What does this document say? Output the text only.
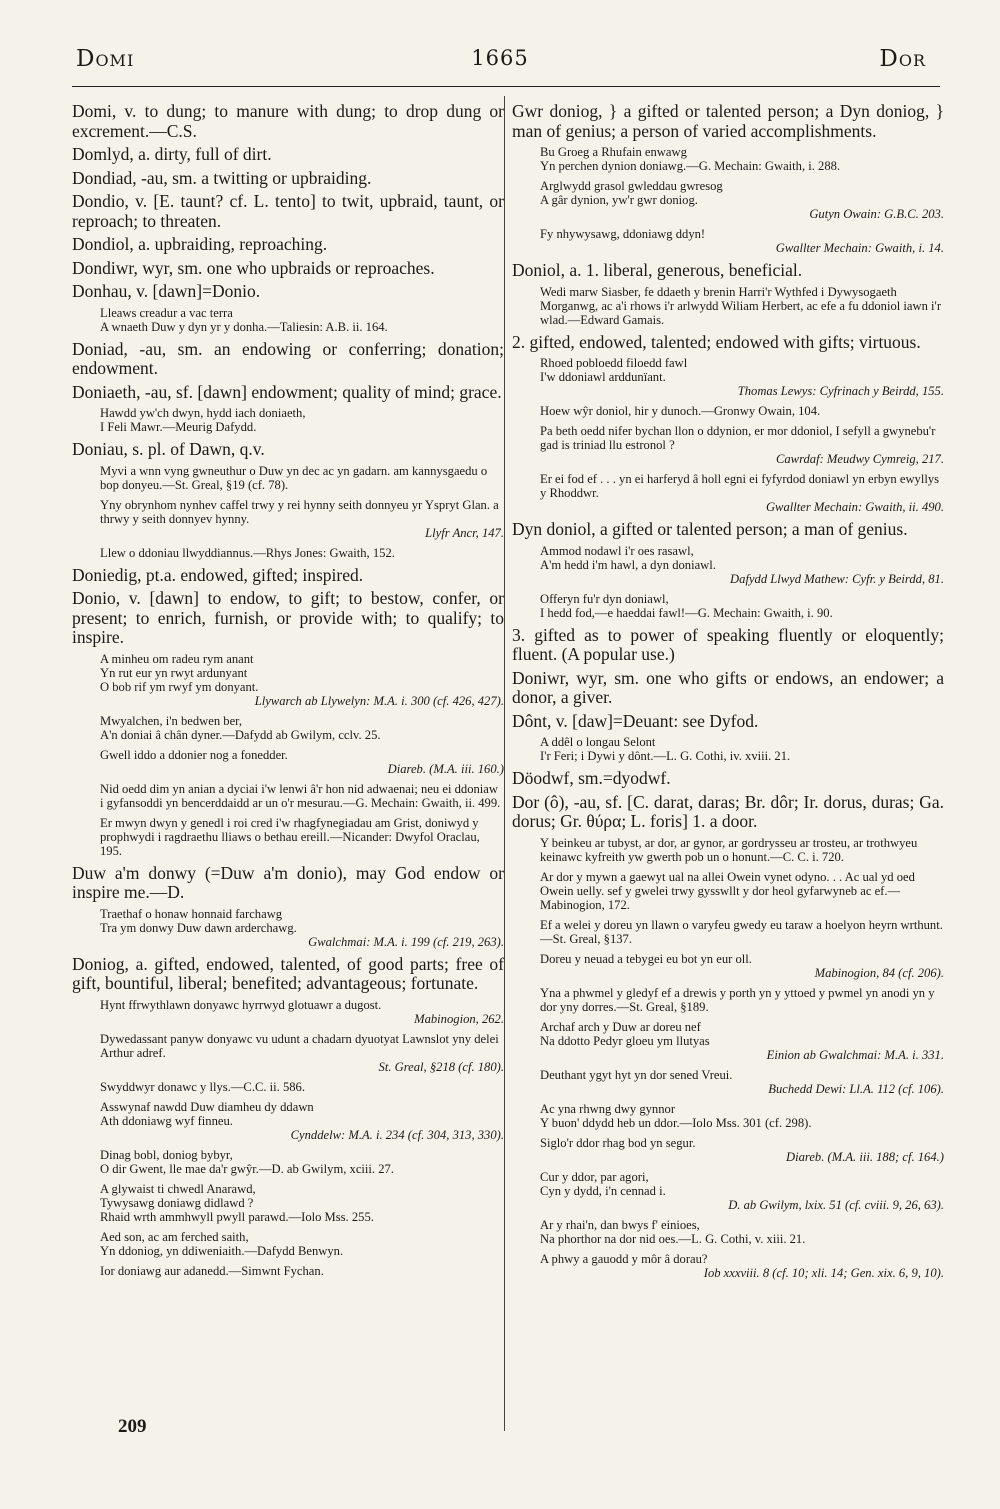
Domi	1665	Dor

Domi, v. to dung; to manure with dung; to drop dung or excrement.—C.S.

Domlyd, a. dirty, full of dirt.

Dondiad, -au, sm. a twitting or upbraiding.

Dondio, v. [E. taunt? cf. L. tento] to twit, upbraid, taunt, or reproach; to threaten.

Dondiol, a. upbraiding, reproaching.

Dondiwr, wyr, sm. one who upbraids or reproaches.

Donhau, v. [dawn]=Donio.

Lleaws creadur a vac terra
A wnaeth Duw y dyn yr y donha.—Taliesin: A.B. ii. 164.

Doniad, -au, sm. an endowing or conferring; donation; endowment.

Doniaeth, -au, sf. [dawn] endowment; quality of mind; grace.

Hawdd yw'ch dwyn, hydd iach doniaeth,
I Feli Mawr.—Meurig Dafydd.

Doniau, s. pl. of Dawn, q.v.

Myvi a wnn vyng gwneuthur o Duw yn dec ac yn gadarn. am kannysgaedu o bop donyeu.—St. Greal, §19 (cf. 78).
Yny obrynhom nynhev caffel trwy y rei hynny seith donnyeu yr Yspryt Glan. a thrwy y seith donnyev hynny.
Llyfr Ancr, 147.
Llew o ddoniau llwyddiannus.—Rhys Jones: Gwaith, 152.

Doniedig, pt.a. endowed, gifted; inspired.

Donio, v. [dawn] to endow, to gift; to bestow, confer, or present; to enrich, furnish, or provide with; to qualify; to inspire.

A minheu om radeu rym anant
Yn rut eur yn rwyt ardunyant
O bob rif ym rwyf ym donyant.
Llywarch ab Llywelyn: M.A. i. 300 (cf. 426, 427).
Mwyalchen, i'n bedwen ber,
A'n doniai â chân dyner.—Dafydd ab Gwilym, cclv. 25.
Gwell iddo a ddonier nog a fonedder.
Diareb. (M.A. iii. 160.)
Nid oedd dim yn anian a dyciai i'w lenwi â'r hon nid adwaenai; neu ei ddoniaw i gyfansoddi yn bencerddaidd ar un o'r mesurau.—G. Mechain: Gwaith, ii. 499.
Er mwyn dwyn y genedl i roi cred i'w rhagfynegiadau am Grist, doniwyd y prophwydi i ragdraethu lliaws o bethau ereill.—Nicander: Dwyfol Oraclau, 195.

Duw a'm donwy (=Duw a'm donio), may God endow or inspire me.—D.

Traethaf o honaw honnaid farchawg
Tra ym donwy Duw dawn arderchawg.
Gwalchmai: M.A. i. 199 (cf. 219, 263).

Doniog, a. gifted, endowed, talented, of good parts; free of gift, bountiful, liberal; benefited; advantageous; fortunate.

Hynt ffrwythlawn donyawc hyrrwyd glotuawr a dugost.
Mabinogion, 262.
Dywedassant panyw donyawc vu udunt a chadarn dyuotyat Lawnslot yny delei Arthur adref.
St. Greal, §218 (cf. 180).
Swyddwyr donawc y llys.—C.C. ii. 586.
Asswynaf nawdd Duw diamheu dy ddawn
Ath ddoniawg wyf finneu.
Cynddelw: M.A. i. 234 (cf. 304, 313, 330).
Dinag bobl, doniog bybyr,
O dir Gwent, lle mae da'r gwŷr.—D. ab Gwilym, xciii. 27.
A glywaist ti chwedl Anarawd,
Tywysawg doniawg didlawd ?
Rhaid wrth ammhwyll pwyll parawd.—Iolo Mss. 255.
Aed son, ac am ferched saith,
Yn ddoniog, yn ddiweniaith.—Dafydd Benwyn.
Ior doniawg aur adanedd.—Simwnt Fychan.

Gwr doniog, } a gifted or talented person; a Dyn doniog, } man of genius; a person of varied accomplishments.

Bu Groeg a Rhufain enwawg
Yn perchen dynion doniawg.—G. Mechain: Gwaith, i. 288.
Arglwydd grasol gwleddau gwresog
A gâr dynion, yw'r gwr doniog.
Gutyn Owain: G.B.C. 203.
Fy nhywysawg, ddoniawg ddyn!
Gwallter Mechain: Gwaith, i. 14.

Doniol, a. 1. liberal, generous, beneficial.

Wedi marw Siasber, fe ddaeth y brenin Harri'r Wythfed i Dywysogaeth Morganwg, ac a'i rhows i'r arlwydd Wiliam Herbert, ac efe a fu ddoniol iawn i'r wlad.—Edward Gamais.

2. gifted, endowed, talented; endowed with gifts; virtuous.

Rhoed pobloedd filoedd fawl
I'w ddoniawl arddunïant.
Thomas Lewys: Cyfrinach y Beirdd, 155.
Hoew wŷr doniol, hir y dunoch.—Gronwy Owain, 104.
Pa beth oedd nifer bychan llon o ddynion, er mor ddoniol, I sefyll a gwynebu'r gad is triniad llu estronol ?
Cawrdaf: Meudwy Cymreig, 217.
Er ei fod ef . . . yn ei harferyd â holl egni ei fyfyrdod doniawl yn erbyn ewyllys y Rhoddwr.
Gwallter Mechain: Gwaith, ii. 490.

Dyn doniol, a gifted or talented person; a man of genius.

Ammod nodawl i'r oes rasawl,
A'm hedd i'm hawl, a dyn doniawl.
Dafydd Llwyd Mathew: Cyfr. y Beirdd, 81.
Offeryn fu'r dyn doniawl,
I hedd fod,—e haeddai fawl!—G. Mechain: Gwaith, i. 90.

3. gifted as to power of speaking fluently or eloquently; fluent. (A popular use.)

Doniwr, wyr, sm. one who gifts or endows, an endower; a donor, a giver.

Dônt, v. [daw]=Deuant: see Dyfod.

A ddêl o longau Selont
I'r Feri; i Dywi y dônt.—L. G. Cothi, iv. xviii. 21.

Döodwf, sm.=dyodwf.

Dor (ô), -au, sf. [C. darat, daras; Br. dôr; Ir. dorus, duras; Ga. dorus; Gr. θύρα; L. foris] 1. a door.

Y beinkeu ar tubyst, ar dor, ar gynor, ar gordrysseu ar trosteu, ar trothwyeu keinawc kyfreith yw gwerth pob un o honunt.—C. C. i. 720.
Ar dor y mywn a gaewyt ual na allei Owein vynet odyno. . . Ac ual yd oed Owein uelly. sef y gwelei trwy gysswllt y dor heol gyfarwyneb ac ef.—Mabinogion, 172.
Ef a welei y doreu yn llawn o varyfeu gwedy eu taraw a hoelyon heyrn wrthunt.—St. Greal, §137.
Doreu y neuad a tebygei eu bot yn eur oll.
Mabinogion, 84 (cf. 206).
Yna a phwmel y gledyf ef a drewis y porth yn y yttoed y pwmel yn anodi yn y dor yny dorres.—St. Greal, §189.
Archaf arch y Duw ar doreu nef
Na ddotto Pedyr gloeu ym llutyas
Einion ab Gwalchmai: M.A. i. 331.
Deuthant ygyt hyt yn dor sened Vreui.
Buchedd Dewi: Ll.A. 112 (cf. 106).
Ac yna rhwng dwy gynnor
Y buon' ddydd heb un ddor.—Iolo Mss. 301 (cf. 298).
Siglo'r ddor rhag bod yn segur.
Diareb. (M.A. iii. 188; cf. 164.)
Cur y ddor, par agori,
Cyn y dydd, i'n cennad i.
D. ab Gwilym, lxix. 51 (cf. cviii. 9, 26, 63).
Ar y rhai'n, dan bwys f' einioes,
Na phorthor na dor nid oes.—L. G. Cothi, v. xiii. 21.
A phwy a gauodd y môr â dorau?
Iob xxxviii. 8 (cf. 10; xli. 14; Gen. xix. 6, 9, 10).
209
